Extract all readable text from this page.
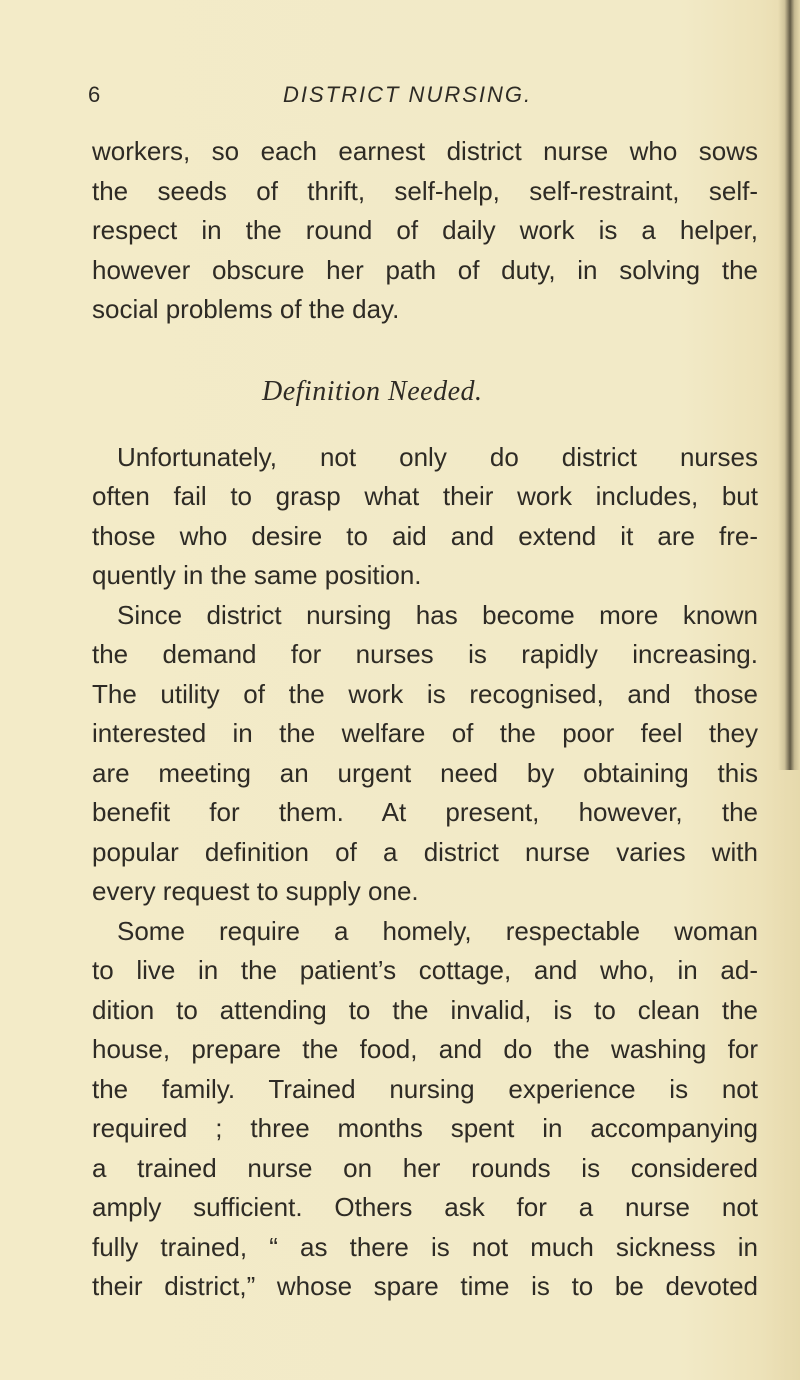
6	DISTRICT NURSING.
workers, so each earnest district nurse who sows
the seeds of thrift, self-help, self-restraint, self-
respect in the round of daily work is a helper,
however obscure her path of duty, in solving the
social problems of the day.
Definition Needed.
Unfortunately, not only do district nurses
often fail to grasp what their work includes, but
those who desire to aid and extend it are fre-
quently in the same position.
Since district nursing has become more known
the demand for nurses is rapidly increasing.
The utility of the work is recognised, and those
interested in the welfare of the poor feel they
are meeting an urgent need by obtaining this
benefit for them. At present, however, the
popular definition of a district nurse varies with
every request to supply one.
Some require a homely, respectable woman
to live in the patient’s cottage, and who, in ad-
dition to attending to the invalid, is to clean the
house, prepare the food, and do the washing for
the family. Trained nursing experience is not
required ; three months spent in accompanying
a trained nurse on her rounds is considered
amply sufficient. Others ask for a nurse not
fully trained, “ as there is not much sickness in
their district,” whose spare time is to be devoted
